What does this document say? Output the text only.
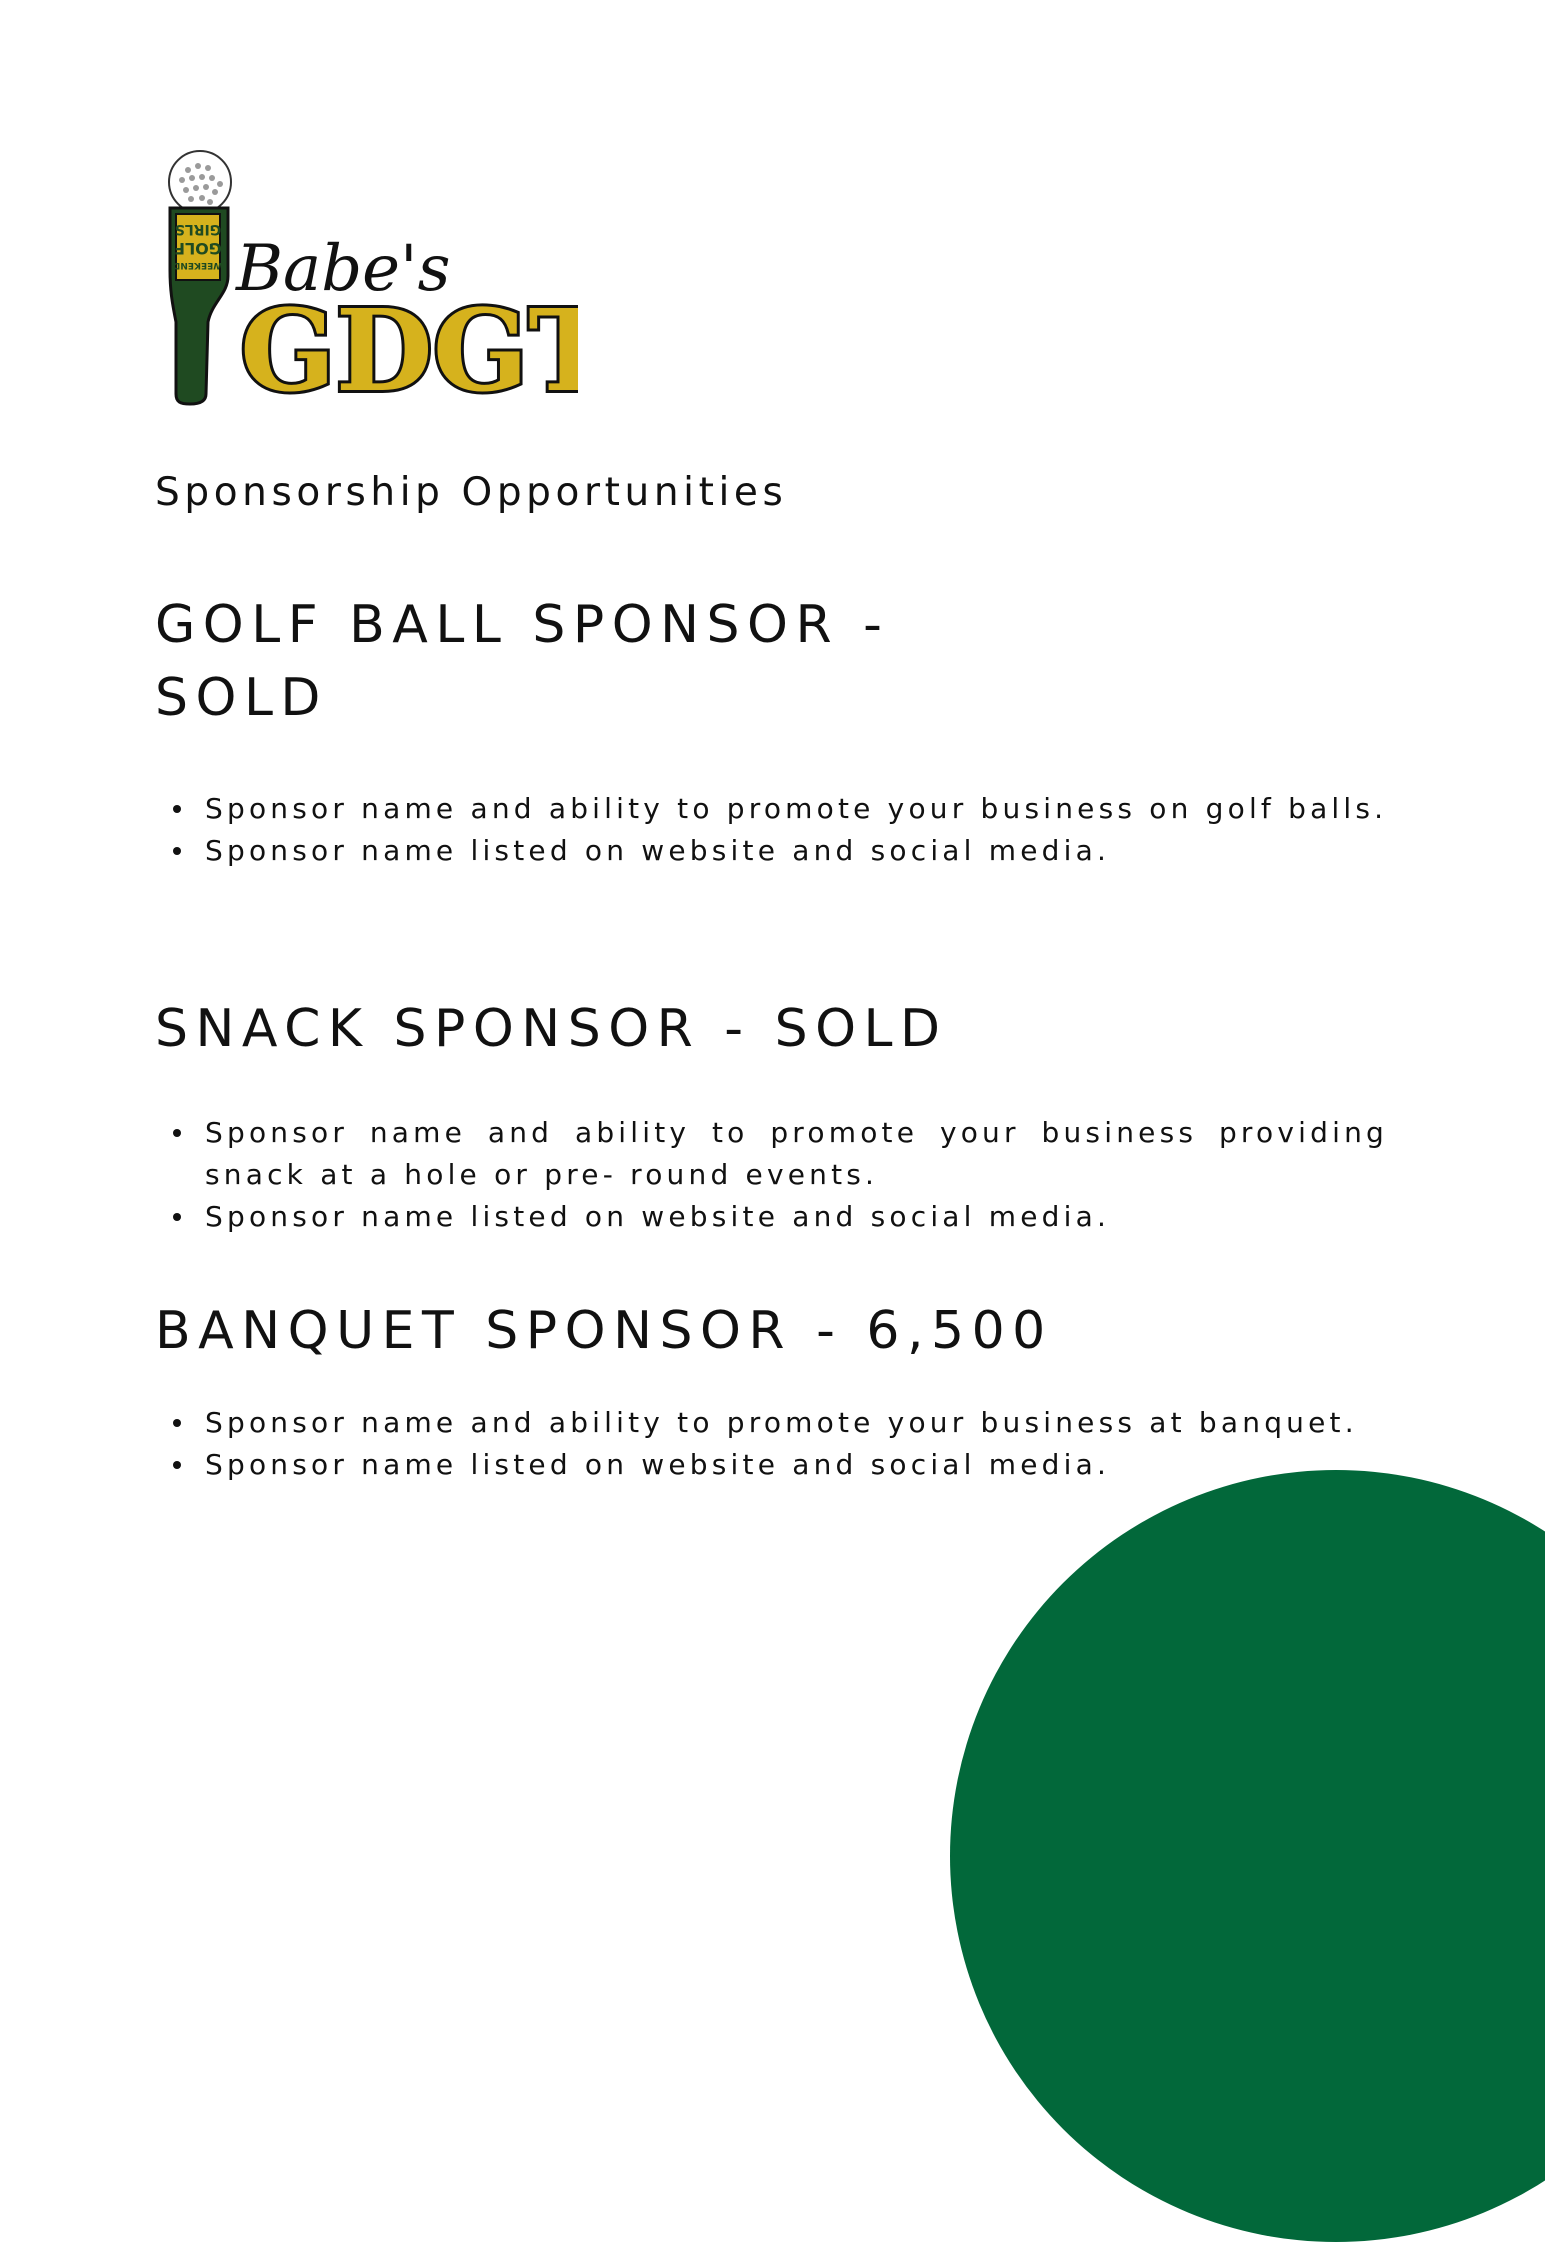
WEEKEND
GOLF
GIRLS
Babe's
GDGT
Sponsorship Opportunities
GOLF BALL SPONSOR - SOLD
Sponsor name and ability to promote your business on golf balls.
Sponsor name listed on website and social media.
SNACK SPONSOR - SOLD
Sponsor name and ability to promote your business providing snack at a hole or pre- round events.
Sponsor name listed on website and social media.
BANQUET SPONSOR - 6,500
Sponsor name and ability to promote your business at banquet.
Sponsor name listed on website and social media.
